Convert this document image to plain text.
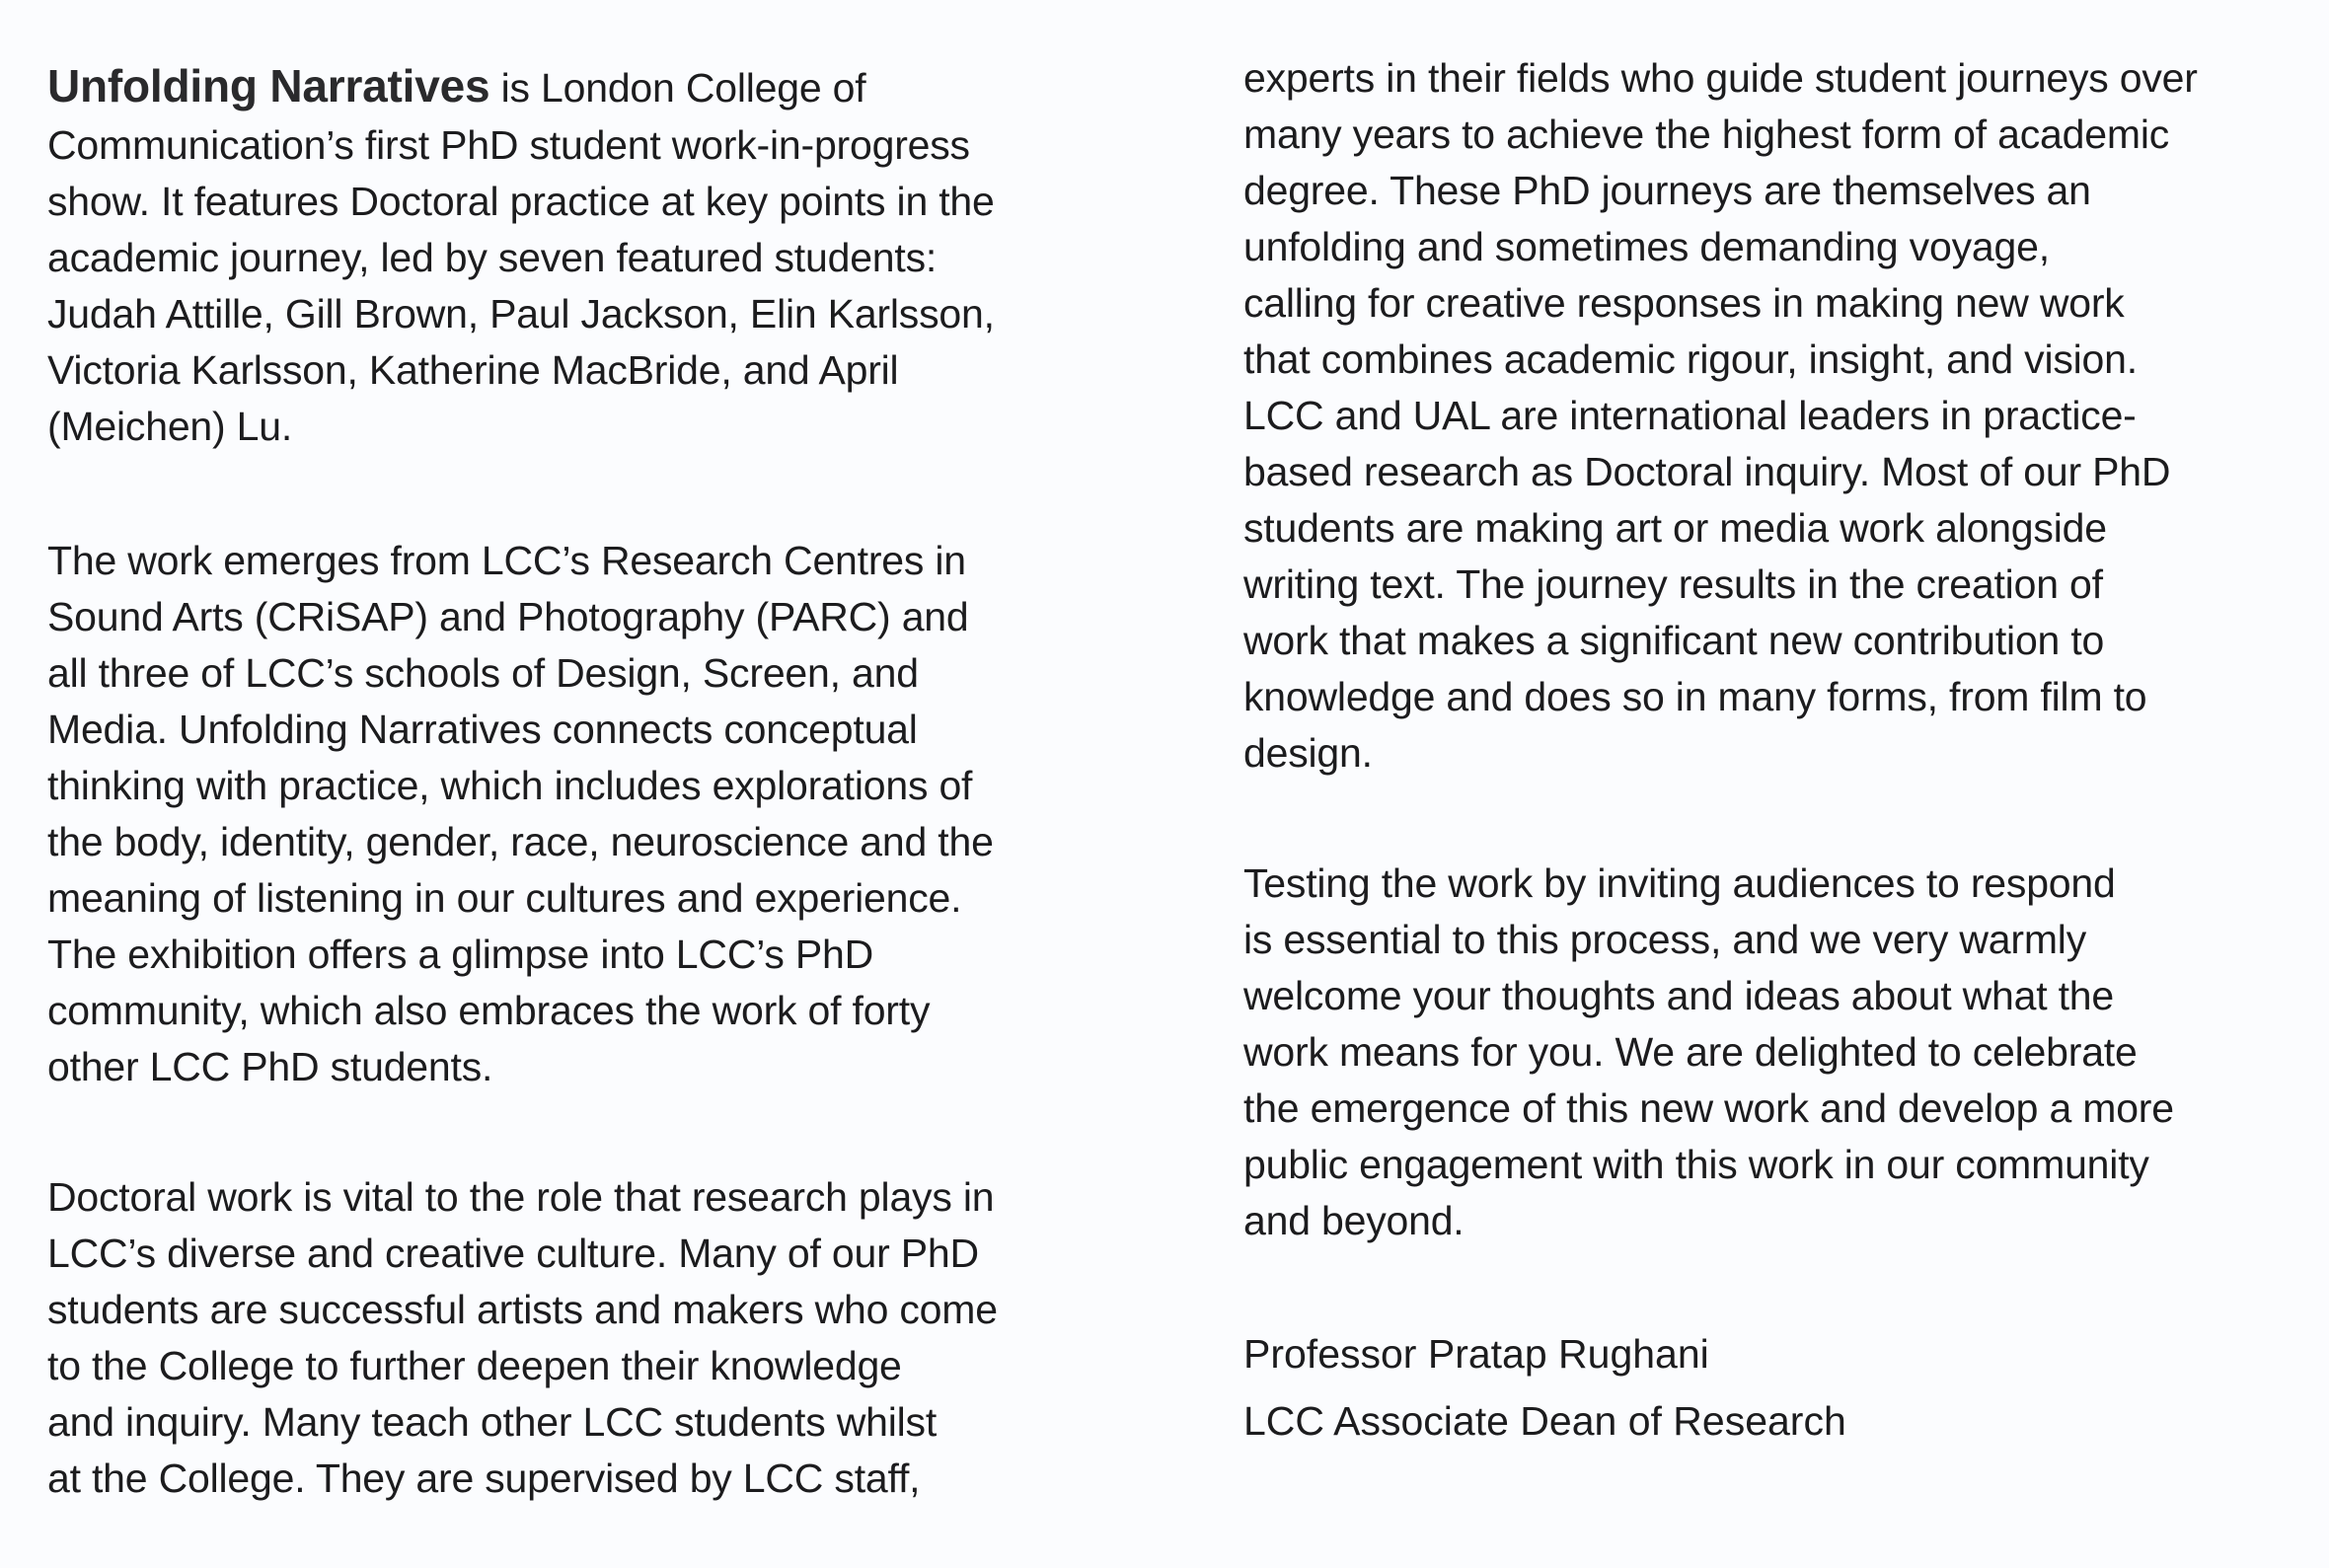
Unfolding Narratives is London College of
Communication’s first PhD student work-in-progress
show. It features Doctoral practice at key points in the
academic journey, led by seven featured students:
Judah Attille, Gill Brown, Paul Jackson, Elin Karlsson,
Victoria Karlsson, Katherine MacBride, and April
(Meichen) Lu.
The work emerges from LCC’s Research Centres in
Sound Arts (CRiSAP) and Photography (PARC) and
all three of LCC’s schools of Design, Screen, and
Media. Unfolding Narratives connects conceptual
thinking with practice, which includes explorations of
the body, identity, gender, race, neuroscience and the
meaning of listening in our cultures and experience.
The exhibition offers a glimpse into LCC’s PhD
community, which also embraces the work of forty
other LCC PhD students.
Doctoral work is vital to the role that research plays in
LCC’s diverse and creative culture. Many of our PhD
students are successful artists and makers who come
to the College to further deepen their knowledge
and inquiry. Many teach other LCC students whilst
at the College. They are supervised by LCC staff,
experts in their fields who guide student journeys over
many years to achieve the highest form of academic
degree. These PhD journeys are themselves an
unfolding and sometimes demanding voyage,
calling for creative responses in making new work
that combines academic rigour, insight, and vision.
LCC and UAL are international leaders in practice-
based research as Doctoral inquiry. Most of our PhD
students are making art or media work alongside
writing text. The journey results in the creation of
work that makes a significant new contribution to
knowledge and does so in many forms, from film to
design.
Testing the work by inviting audiences to respond
is essential to this process, and we very warmly
welcome your thoughts and ideas about what the
work means for you. We are delighted to celebrate
the emergence of this new work and develop a more
public engagement with this work in our community
and beyond.
Professor Pratap Rughani
LCC Associate Dean of Research
